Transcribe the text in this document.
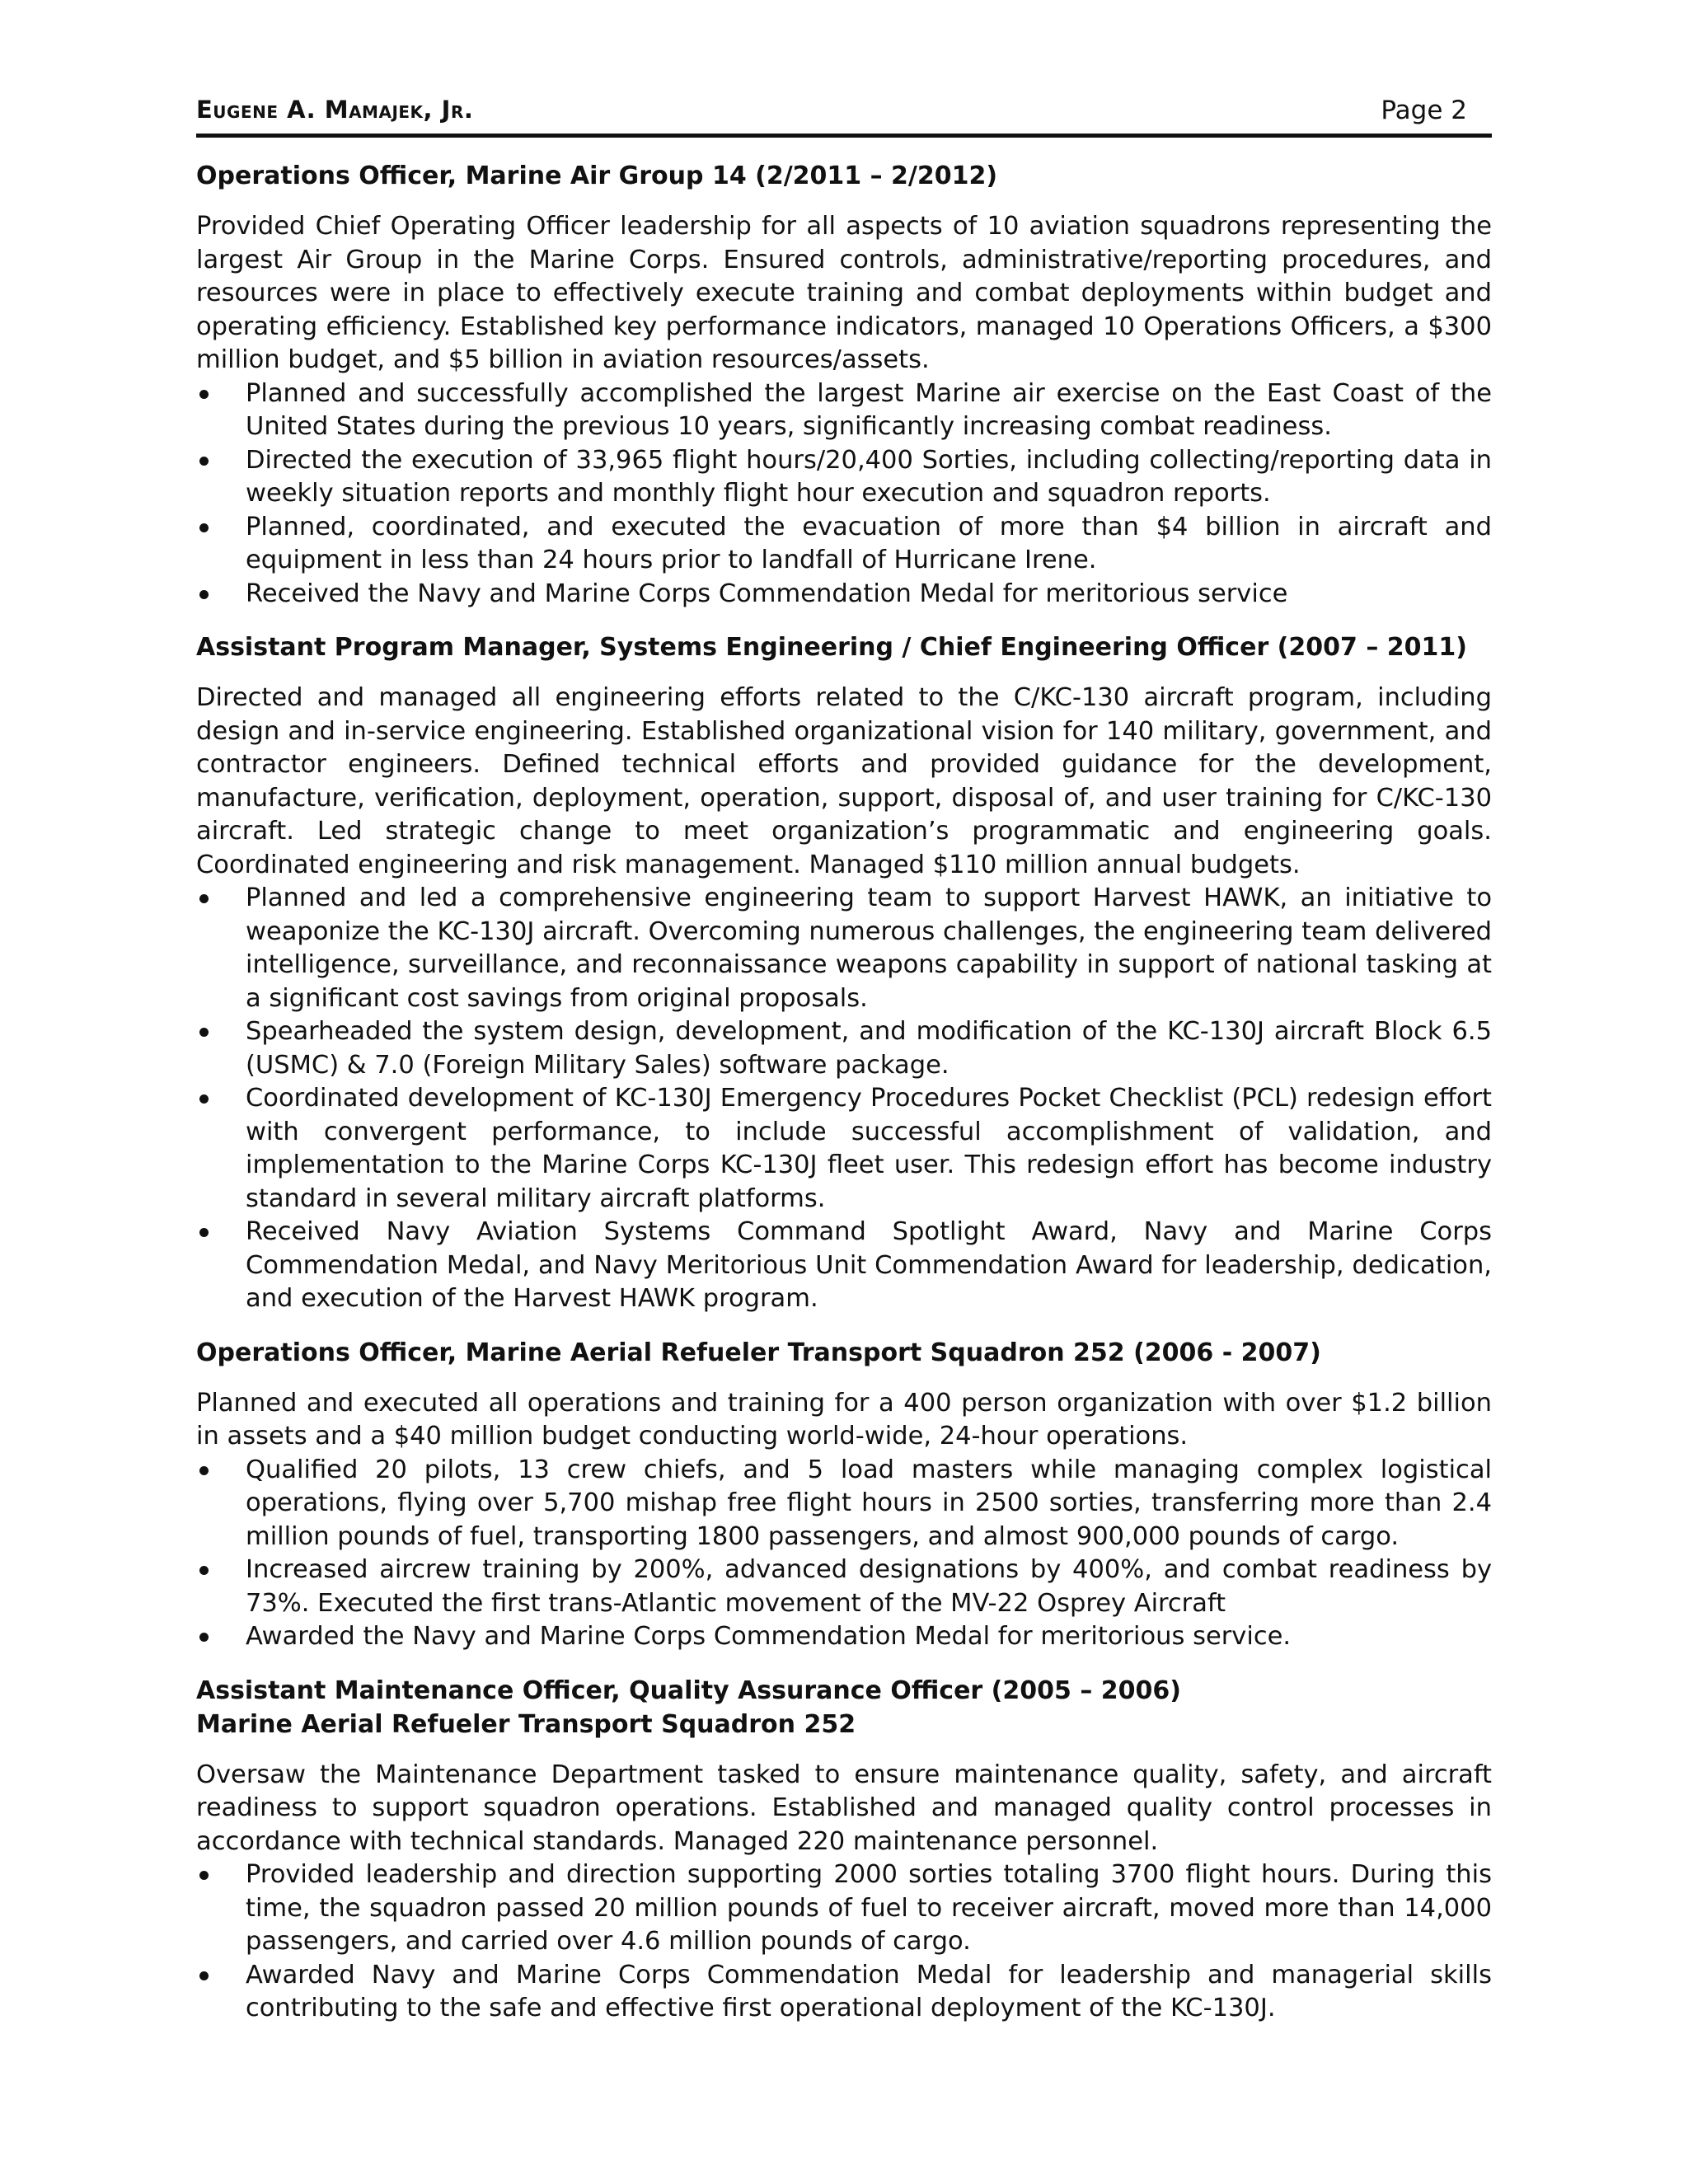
Eugene A. Mamajek, Jr.	Page 2
Operations Officer, Marine Air Group 14 (2/2011 – 2/2012)

Provided Chief Operating Officer leadership for all aspects of 10 aviation squadrons representing the largest Air Group in the Marine Corps. Ensured controls, administrative/reporting procedures, and resources were in place to effectively execute training and combat deployments within budget and operating efficiency. Established key performance indicators, managed 10 Operations Officers, a $300 million budget, and $5 billion in aviation resources/assets.

Planned and successfully accomplished the largest Marine air exercise on the East Coast of the United States during the previous 10 years, significantly increasing combat readiness.
Directed the execution of 33,965 flight hours/20,400 Sorties, including collecting/reporting data in weekly situation reports and monthly flight hour execution and squadron reports.
Planned, coordinated, and executed the evacuation of more than $4 billion in aircraft and equipment in less than 24 hours prior to landfall of Hurricane Irene.
Received the Navy and Marine Corps Commendation Medal for meritorious service
Assistant Program Manager, Systems Engineering / Chief Engineering Officer (2007 – 2011)

Directed and managed all engineering efforts related to the C/KC-130 aircraft program, including design and in-service engineering. Established organizational vision for 140 military, government, and contractor engineers. Defined technical efforts and provided guidance for the development, manufacture, verification, deployment, operation, support, disposal of, and user training for C/KC-130 aircraft. Led strategic change to meet organization’s programmatic and engineering goals. Coordinated engineering and risk management. Managed $110 million annual budgets.

Planned and led a comprehensive engineering team to support Harvest HAWK, an initiative to weaponize the KC-130J aircraft. Overcoming numerous challenges, the engineering team delivered intelligence, surveillance, and reconnaissance weapons capability in support of national tasking at a significant cost savings from original proposals.
Spearheaded the system design, development, and modification of the KC-130J aircraft Block 6.5 (USMC) & 7.0 (Foreign Military Sales) software package.
Coordinated development of KC-130J Emergency Procedures Pocket Checklist (PCL) redesign effort with convergent performance, to include successful accomplishment of validation, and implementation to the Marine Corps KC-130J fleet user. This redesign effort has become industry standard in several military aircraft platforms.
Received Navy Aviation Systems Command Spotlight Award, Navy and Marine Corps Commendation Medal, and Navy Meritorious Unit Commendation Award for leadership, dedication, and execution of the Harvest HAWK program.
Operations Officer, Marine Aerial Refueler Transport Squadron 252 (2006 - 2007)

Planned and executed all operations and training for a 400 person organization with over $1.2 billion in assets and a $40 million budget conducting world-wide, 24-hour operations.

Qualified 20 pilots, 13 crew chiefs, and 5 load masters while managing complex logistical operations, flying over 5,700 mishap free flight hours in 2500 sorties, transferring more than 2.4 million pounds of fuel, transporting 1800 passengers, and almost 900,000 pounds of cargo.
Increased aircrew training by 200%, advanced designations by 400%, and combat readiness by 73%. Executed the first trans-Atlantic movement of the MV-22 Osprey Aircraft
Awarded the Navy and Marine Corps Commendation Medal for meritorious service.
Assistant Maintenance Officer, Quality Assurance Officer (2005 – 2006)
Marine Aerial Refueler Transport Squadron 252

Oversaw the Maintenance Department tasked to ensure maintenance quality, safety, and aircraft readiness to support squadron operations. Established and managed quality control processes in accordance with technical standards. Managed 220 maintenance personnel.

Provided leadership and direction supporting 2000 sorties totaling 3700 flight hours. During this time, the squadron passed 20 million pounds of fuel to receiver aircraft, moved more than 14,000 passengers, and carried over 4.6 million pounds of cargo.
Awarded Navy and Marine Corps Commendation Medal for leadership and managerial skills contributing to the safe and effective first operational deployment of the KC-130J.
